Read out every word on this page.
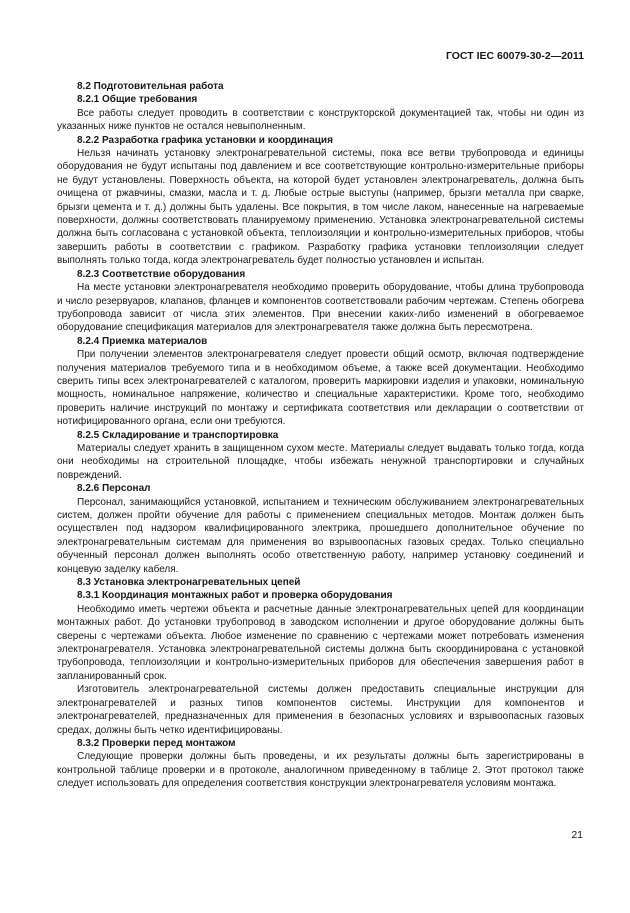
ГОСТ IEC 60079-30-2—2011
8.2 Подготовительная работа
8.2.1 Общие требования
Все работы следует проводить в соответствии с конструкторской документацией так, чтобы ни один из указанных ниже пунктов не остался невыполненным.
8.2.2 Разработка графика установки и координация
Нельзя начинать установку электронагревательной системы, пока все ветви трубопровода и единицы оборудования не будут испытаны под давлением и все соответствующие контрольно-измерительные приборы не будут установлены. Поверхность объекта, на которой будет установлен электронагреватель, должна быть очищена от ржавчины, смазки, масла и т. д. Любые острые выступы (например, брызги металла при сварке, брызги цемента и т. д.) должны быть удалены. Все покрытия, в том числе лаком, нанесенные на нагреваемые поверхности, должны соответствовать планируемому применению. Установка электронагревательной системы должна быть согласована с установкой объекта, теплоизоляции и контрольно-измерительных приборов, чтобы завершить работы в соответствии с графиком. Разработку графика установки теплоизоляции следует выполнять только тогда, когда электронагреватель будет полностью установлен и испытан.
8.2.3 Соответствие оборудования
На месте установки электронагревателя необходимо проверить оборудование, чтобы длина трубопровода и число резервуаров, клапанов, фланцев и компонентов соответствовали рабочим чертежам. Степень обогрева трубопровода зависит от числа этих элементов. При внесении каких-либо изменений в обогреваемое оборудование спецификация материалов для электронагревателя также должна быть пересмотрена.
8.2.4 Приемка материалов
При получении элементов электронагревателя следует провести общий осмотр, включая подтверждение получения материалов требуемого типа и в необходимом объеме, а также всей документации. Необходимо сверить типы всех электронагревателей с каталогом, проверить маркировки изделия и упаковки, номинальную мощность, номинальное напряжение, количество и специальные характеристики. Кроме того, необходимо проверить наличие инструкций по монтажу и сертификата соответствия или декларации о соответствии от нотифицированного органа, если они требуются.
8.2.5 Складирование и транспортировка
Материалы следует хранить в защищенном сухом месте. Материалы следует выдавать только тогда, когда они необходимы на строительной площадке, чтобы избежать ненужной транспортировки и случайных повреждений.
8.2.6 Персонал
Персонал, занимающийся установкой, испытанием и техническим обслуживанием электронагревательных систем, должен пройти обучение для работы с применением специальных методов. Монтаж должен быть осуществлен под надзором квалифицированного электрика, прошедшего дополнительное обучение по электронагревательным системам для применения во взрывоопасных газовых средах. Только специально обученный персонал должен выполнять особо ответственную работу, например установку соединений и концевую заделку кабеля.
8.3 Установка электронагревательных цепей
8.3.1 Координация монтажных работ и проверка оборудования
Необходимо иметь чертежи объекта и расчетные данные электронагревательных цепей для координации монтажных работ. До установки трубопровод в заводском исполнении и другое оборудование должны быть сверены с чертежами объекта. Любое изменение по сравнению с чертежами может потребовать изменения электронагревателя. Установка электронагревательной системы должна быть скоординирована с установкой трубопровода, теплоизоляции и контрольно-измерительных приборов для обеспечения завершения работ в запланированный срок.
Изготовитель электронагревательной системы должен предоставить специальные инструкции для электронагревателей и разных типов компонентов системы. Инструкции для компонентов и электронагревателей, предназначенных для применения в безопасных условиях и взрывоопасных газовых средах, должны быть четко идентифицированы.
8.3.2 Проверки перед монтажом
Следующие проверки должны быть проведены, и их результаты должны быть зарегистрированы в контрольной таблице проверки и в протоколе, аналогичном приведенному в таблице 2. Этот протокол также следует использовать для определения соответствия конструкции электронагревателя условиям монтажа.
21
